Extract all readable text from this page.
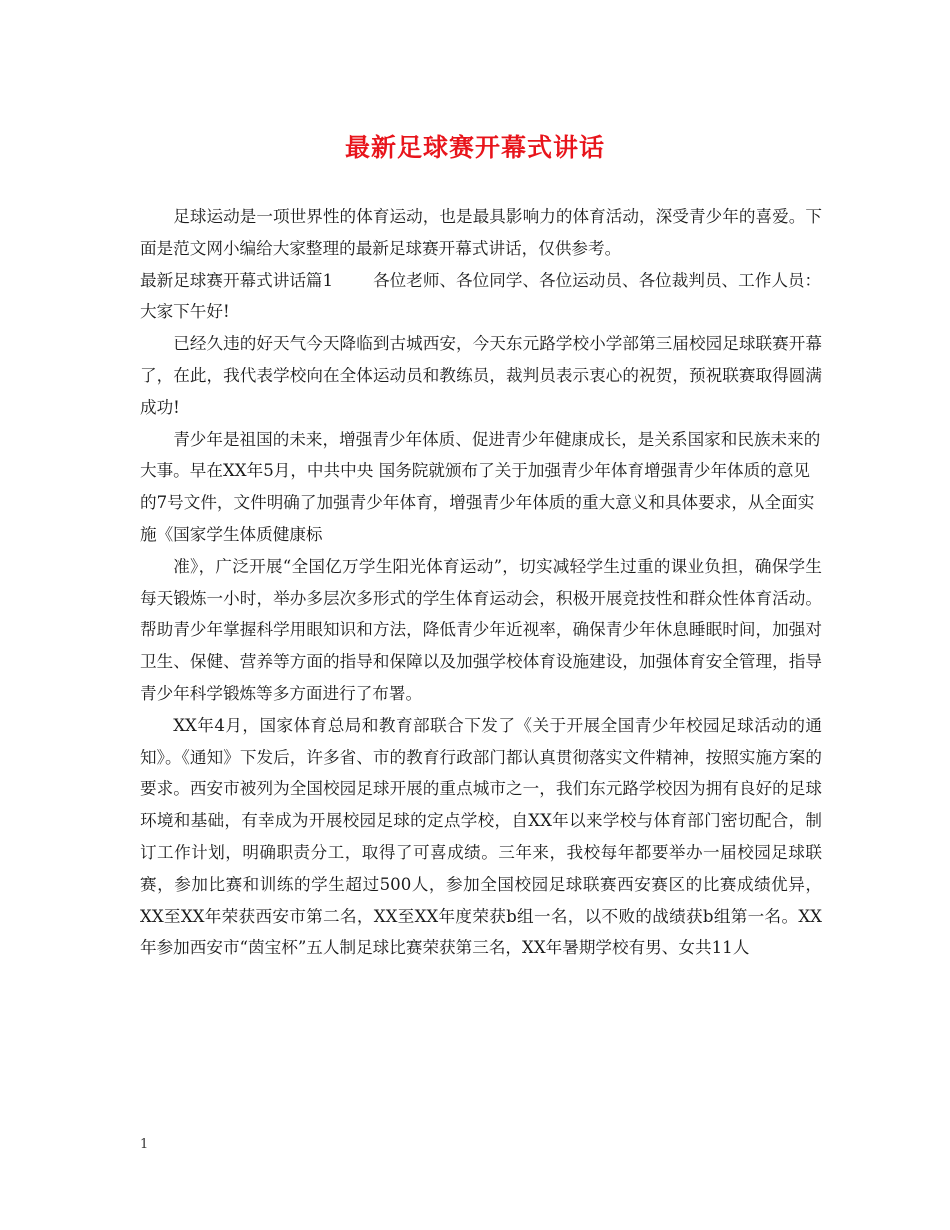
最新足球赛开幕式讲话

足球运动是一项世界性的体育运动，也是最具影响力的体育活动，深受青少年的喜爱。下面是范文网小编给大家整理的最新足球赛开幕式讲话，仅供参考。

最新足球赛开幕式讲话篇1 各位老师、各位同学、各位运动员、各位裁判员、工作人员：　大家下午好!

已经久违的好天气今天降临到古城西安，今天东元路学校小学部第三届校园足球联赛开幕了，在此，我代表学校向在全体运动员和教练员，裁判员表示衷心的祝贺，预祝联赛取得圆满成功!

青少年是祖国的未来，增强青少年体质、促进青少年健康成长，是关系国家和民族未来的大事。早在XX年5月，中共中央 国务院就颁布了关于加强青少年体育增强青少年体质的意见的7号文件，文件明确了加强青少年体育，增强青少年体质的重大意义和具体要求，从全面实施《国家学生体质健康标

准》，广泛开展“全国亿万学生阳光体育运动”，切实减轻学生过重的课业负担，确保学生每天锻炼一小时，举办多层次多形式的学生体育运动会，积极开展竞技性和群众性体育活动。帮助青少年掌握科学用眼知识和方法，降低青少年近视率，确保青少年休息睡眠时间，加强对卫生、保健、营养等方面的指导和保障以及加强学校体育设施建设，加强体育安全管理，指导青少年科学锻炼等多方面进行了布署。

XX年4月，国家体育总局和教育部联合下发了《关于开展全国青少年校园足球活动的通知》。《通知》下发后，许多省、市的教育行政部门都认真贯彻落实文件精神，按照实施方案的要求。西安市被列为全国校园足球开展的重点城市之一，我们东元路学校因为拥有良好的足球环境和基础，有幸成为开展校园足球的定点学校，自XX年以来学校与体育部门密切配合，制订工作计划，明确职责分工，取得了可喜成绩。三年来，我校每年都要举办一届校园足球联赛，参加比赛和训练的学生超过500人，参加全国校园足球联赛西安赛区的比赛成绩优异，XX至XX年荣获西安市第二名，XX至XX年度荣获b组一名，以不败的战绩获b组第一名。XX年参加西安市“茵宝杯”五人制足球比赛荣获第三名，XX年暑期学校有男、女共11人

1
